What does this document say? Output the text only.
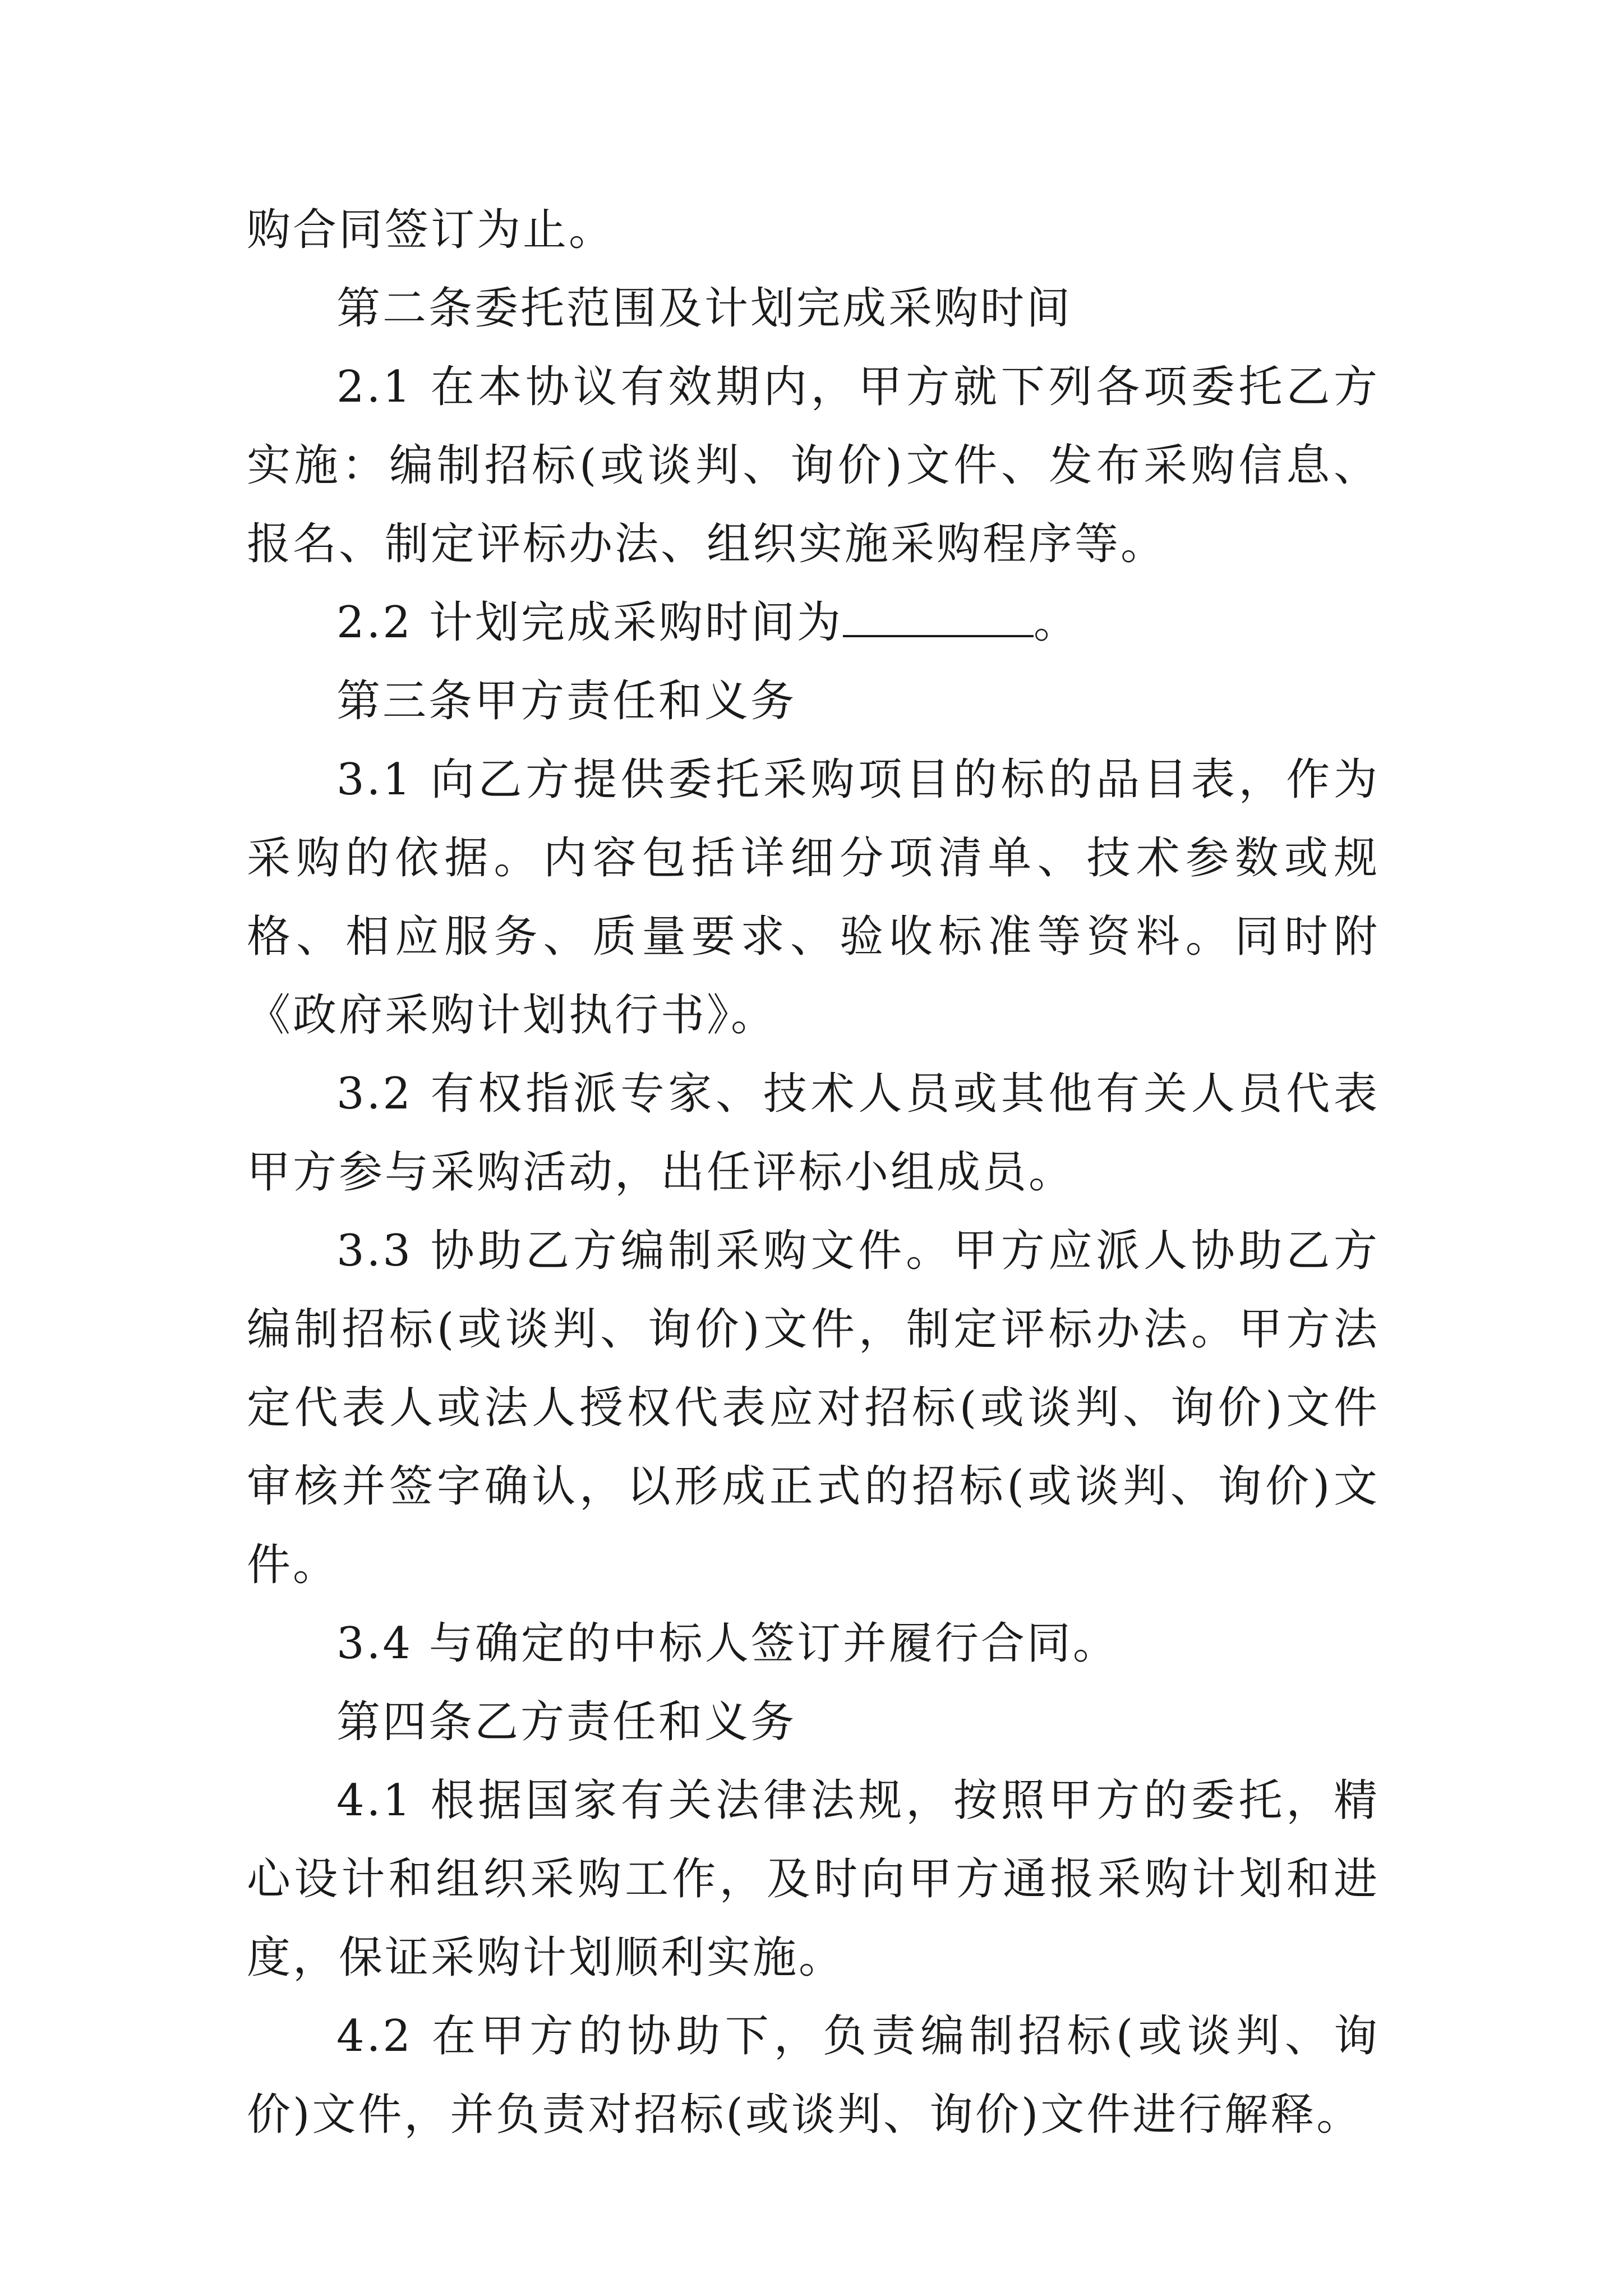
购合同签订为止。

第二条委托范围及计划完成采购时间

2.1 在本协议有效期内，甲方就下列各项委托乙方实施：编制招标(或谈判、询价)文件、发布采购信息、报名、制定评标办法、组织实施采购程序等。

2.2 计划完成采购时间为	。

第三条甲方责任和义务

3.1 向乙方提供委托采购项目的标的品目表，作为采购的依据。内容包括详细分项清单、技术参数或规格、相应服务、质量要求、验收标准等资料。同时附《政府采购计划执行书》。

3.2 有权指派专家、技术人员或其他有关人员代表甲方参与采购活动，出任评标小组成员。

3.3 协助乙方编制采购文件。甲方应派人协助乙方编制招标(或谈判、询价)文件，制定评标办法。甲方法定代表人或法人授权代表应对招标(或谈判、询价)文件审核并签字确认，以形成正式的招标(或谈判、询价)文件。

3.4 与确定的中标人签订并履行合同。

第四条乙方责任和义务

4.1 根据国家有关法律法规，按照甲方的委托，精心设计和组织采购工作，及时向甲方通报采购计划和进度，保证采购计划顺利实施。

4.2 在甲方的协助下，负责编制招标(或谈判、询价)文件，并负责对招标(或谈判、询价)文件进行解释。
